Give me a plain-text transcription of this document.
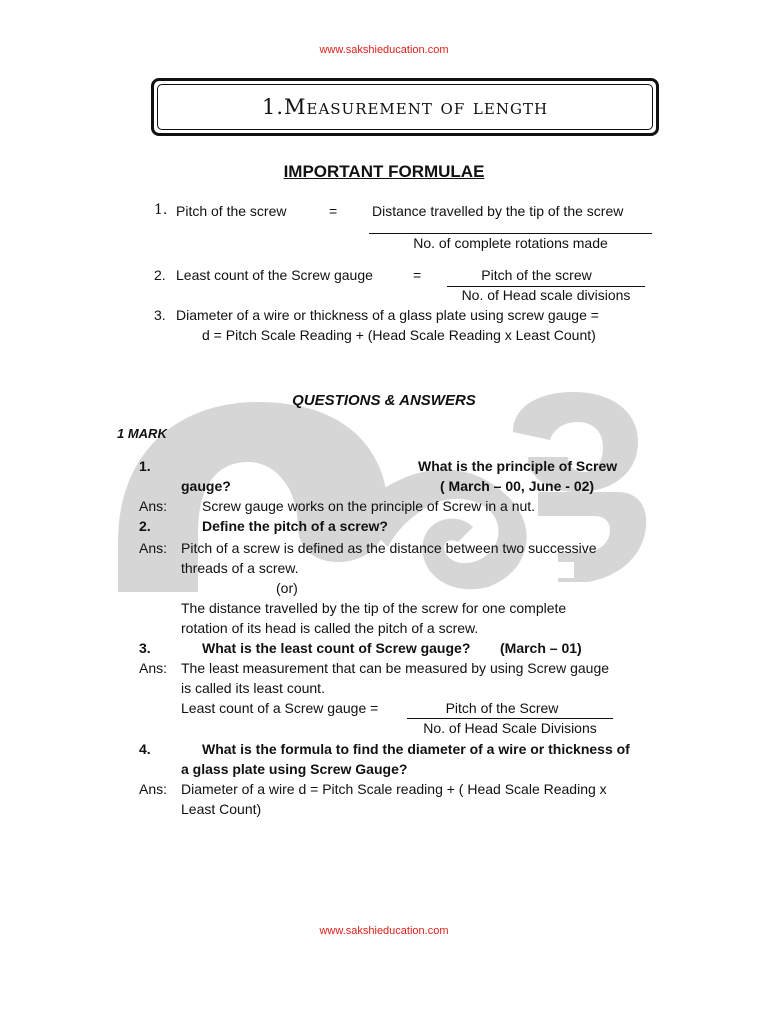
www.sakshieducation.com
1.Measurement of length
IMPORTANT FORMULAE
1. Pitch of the screw	= Distance travelled by the tip of the screw
No. of complete rotations made
2. Least count of the Screw gauge	=	Pitch of the screw
No. of Head scale divisions
3. Diameter of a wire or thickness of a glass plate using screw gauge =
d = Pitch Scale Reading + (Head Scale Reading x Least Count)
QUESTIONS & ANSWERS
1 MARK
1.	What is the principle of Screw
gauge?	( March – 00, June - 02)
Ans: Screw gauge works on the principle of Screw in a nut.
2.	Define the pitch of a screw?
Ans: Pitch of a screw is defined as the distance between two successive
threads of a screw.
(or)
The distance travelled by the tip of the screw for one complete
rotation of its head is called the pitch of a screw.
3.	What is the least count of Screw gauge? (March – 01)
Ans: The least measurement that can be measured by using Screw gauge
is called its least count.
Least count of a Screw gauge =	Pitch of the Screw
No. of Head Scale Divisions
4.	What is the formula to find the diameter of a wire or thickness of
a glass plate using Screw Gauge?
Ans: Diameter of a wire d = Pitch Scale reading + ( Head Scale Reading x
Least Count)
www.sakshieducation.com
